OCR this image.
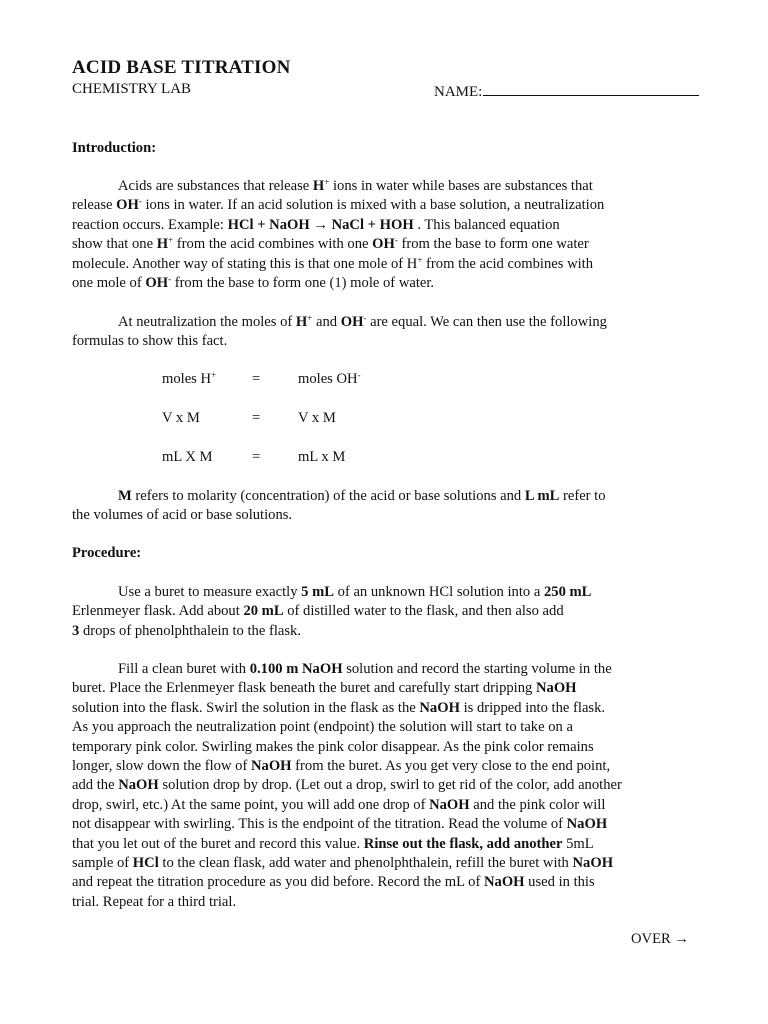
ACID BASE TITRATION
CHEMISTRY LAB	NAME:
Introduction:
Acids are substances that release H+ ions in water while bases are substances that
release OH- ions in water. If an acid solution is mixed with a base solution, a neutralization
reaction occurs. Example: HCl + NaOH → NaCl + HOH . This balanced equation
show that one H+ from the acid combines with one OH- from the base to form one water
molecule. Another way of stating this is that one mole of H+ from the acid combines with
one mole of OH- from the base to form one (1) mole of water.
At neutralization the moles of H+ and OH- are equal. We can then use the following
formulas to show this fact.
moles H+ =	moles OH-
V x M	=	V x M
mL X M	=	mL x M
M refers to molarity (concentration) of the acid or base solutions and L mL refer to
the volumes of acid or base solutions.
Procedure:
Use a buret to measure exactly 5 mL of an unknown HCl solution into a 250 mL
Erlenmeyer flask. Add about 20 mL of distilled water to the flask, and then also add
3 drops of phenolphthalein to the flask.
Fill a clean buret with 0.100 m NaOH solution and record the starting volume in the
buret. Place the Erlenmeyer flask beneath the buret and carefully start dripping NaOH
solution into the flask. Swirl the solution in the flask as the NaOH is dripped into the flask.
As you approach the neutralization point (endpoint) the solution will start to take on a
temporary pink color. Swirling makes the pink color disappear. As the pink color remains
longer, slow down the flow of NaOH from the buret. As you get very close to the end point,
add the NaOH solution drop by drop. (Let out a drop, swirl to get rid of the color, add another
drop, swirl, etc.) At the same point, you will add one drop of NaOH and the pink color will
not disappear with swirling. This is the endpoint of the titration. Read the volume of NaOH
that you let out of the buret and record this value. Rinse out the flask, add another 5mL
sample of HCl to the clean flask, add water and phenolphthalein, refill the buret with NaOH
and repeat the titration procedure as you did before. Record the mL of NaOH used in this
trial. Repeat for a third trial.
OVER →
